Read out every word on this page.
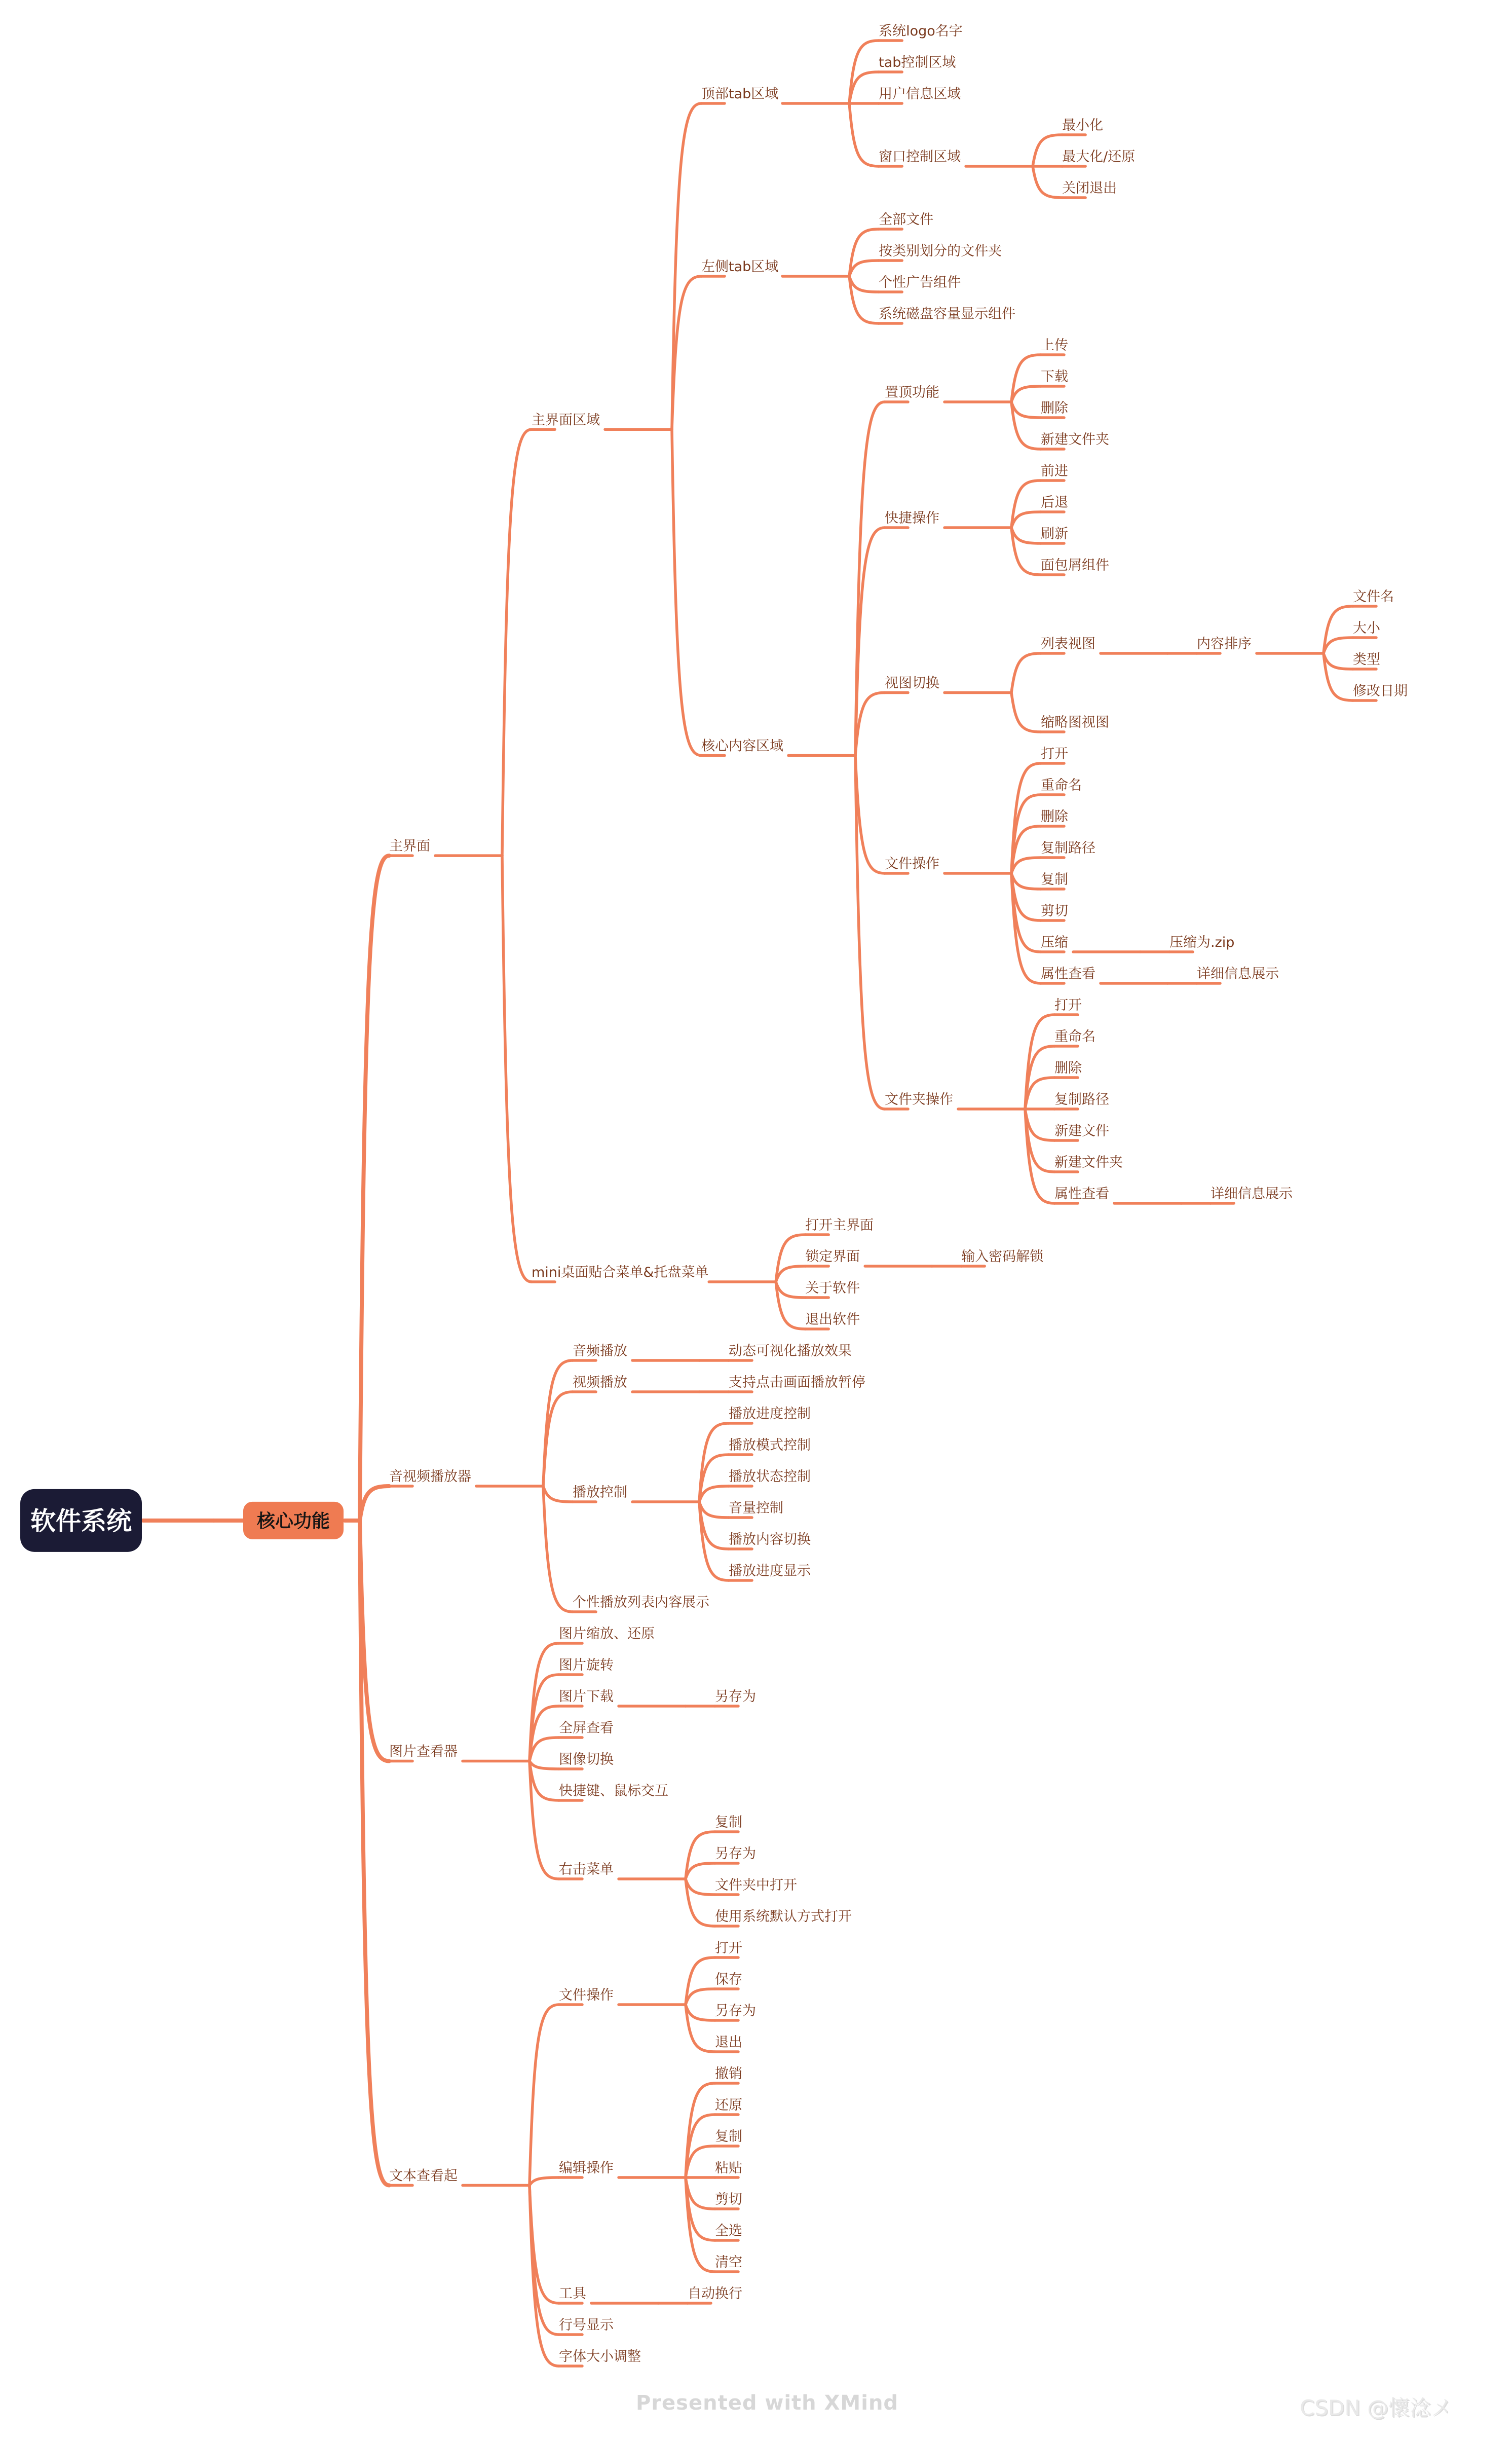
系统logo名字
tab控制区域
用户信息区域
最小化
最大化/还原
关闭退出
窗口控制区域
顶部tab区域
全部文件
按类别划分的文件夹
个性广告组件
系统磁盘容量显示组件
左侧tab区域
上传
下载
删除
新建文件夹
置顶功能
前进
后退
刷新
面包屑组件
快捷操作
文件名
大小
类型
修改日期
内容排序
列表视图
缩略图视图
视图切换
打开
重命名
删除
复制路径
复制
剪切
压缩为.zip
压缩
详细信息展示
属性查看
文件操作
打开
重命名
删除
复制路径
新建文件
新建文件夹
详细信息展示
属性查看
文件夹操作
核心内容区域
主界面区域
打开主界面
输入密码解锁
锁定界面
关于软件
退出软件
mini桌面贴合菜单&托盘菜单
主界面
动态可视化播放效果
音频播放
支持点击画面播放暂停
视频播放
播放进度控制
播放模式控制
播放状态控制
音量控制
播放内容切换
播放进度显示
播放控制
个性播放列表内容展示
音视频播放器
图片缩放、还原
图片旋转
另存为
图片下载
全屏查看
图像切换
快捷键、鼠标交互
复制
另存为
文件夹中打开
使用系统默认方式打开
右击菜单
图片查看器
打开
保存
另存为
退出
文件操作
撤销
还原
复制
粘贴
剪切
全选
清空
编辑操作
自动换行
工具
行号显示
字体大小调整
文本查看起
核心功能
软件系统
Presented with XMind	CSDN @懷淰メ
